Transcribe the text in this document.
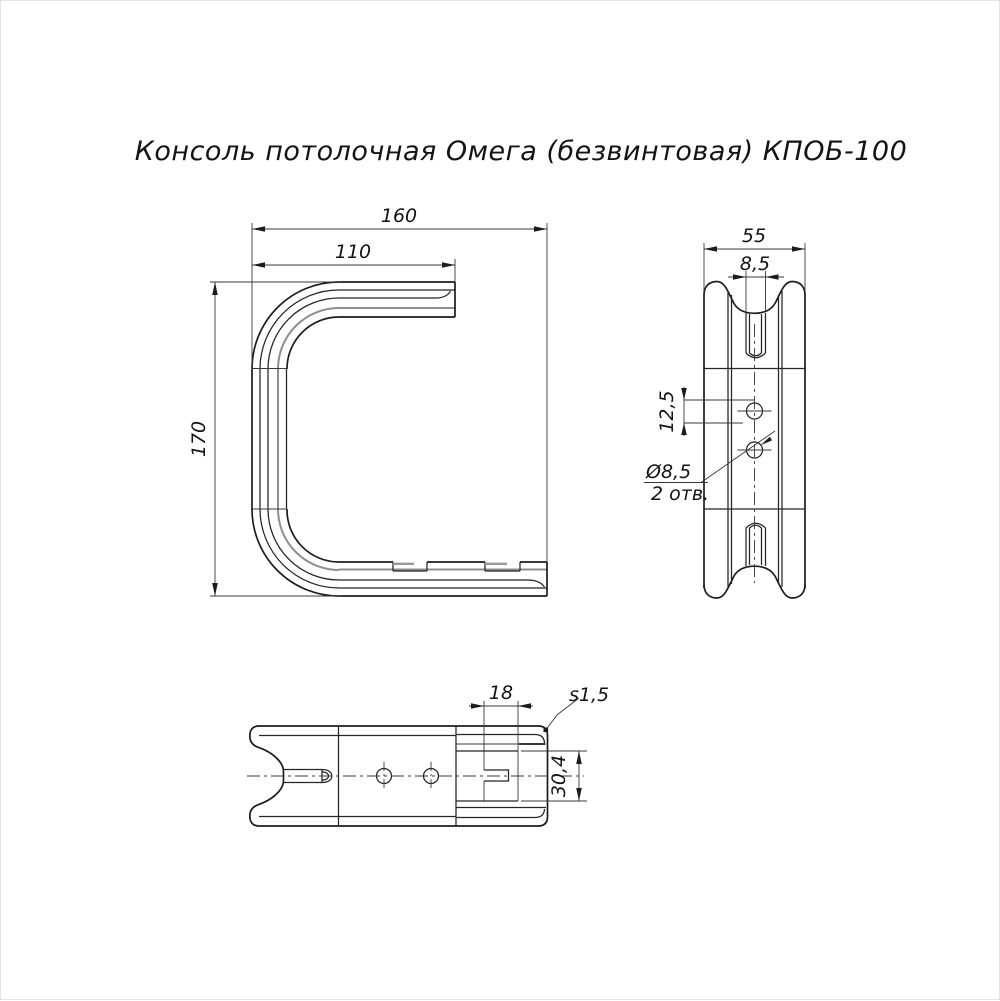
Консоль потолочная Омега (безвинтовая) КПОБ-100
160
110
170
55
8,5
12,5
Ø8,5
2 отв.
18	s1,5
30,4
